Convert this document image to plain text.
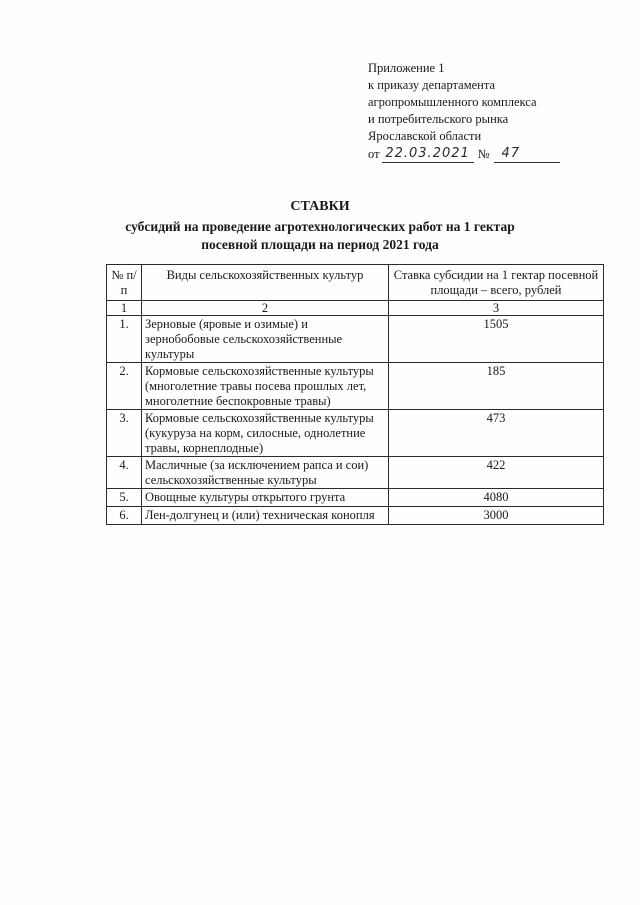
Приложение 1
к приказу департамента
агропромышленного комплекса
и потребительского рынка
Ярославской области
от 22.03.2021 № 47
СТАВКИ
субсидий на проведение агротехнологических работ на 1 гектар
посевной площади на период 2021 года
№ п/п	Виды сельскохозяйственных культур	Ставка субсидии на 1 гектар посевной площади – всего, рублей
1	2	3
1.	Зерновые (яровые и озимые) и зернобобовые сельскохозяйственные культуры	1505
2.	Кормовые сельскохозяйственные культуры (многолетние травы посева прошлых лет, многолетние беспокровные травы)	185
3.	Кормовые сельскохозяйственные культуры (кукуруза на корм, силосные, однолетние травы, корнеплодные)	473
4.	Масличные (за исключением рапса и сои) сельскохозяйственные культуры	422
5.	Овощные культуры открытого грунта	4080
6.	Лен-долгунец и (или) техническая конопля	3000
